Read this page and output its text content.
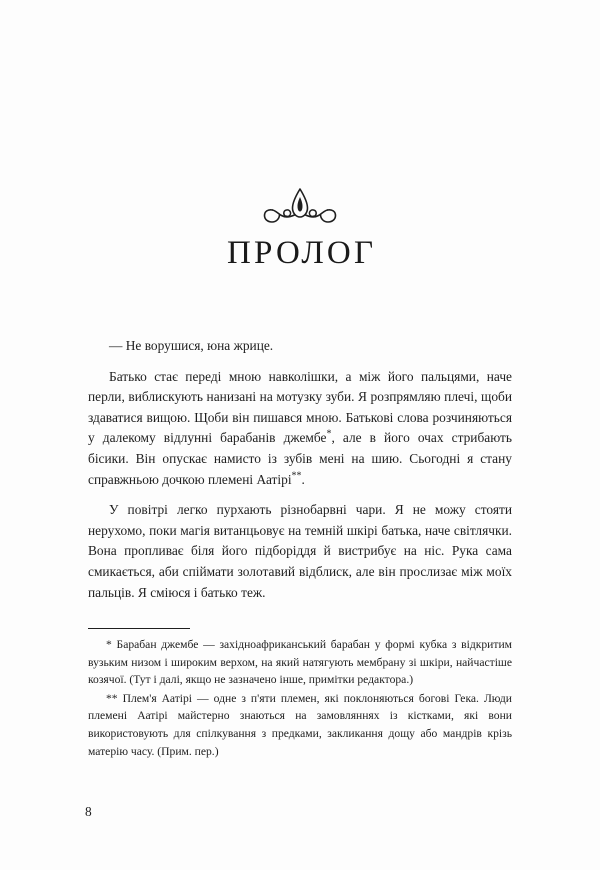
ПРОЛОГ

— Не ворушися, юна жрице.

Батько стає переді мною навколішки, а між його пальцями, наче перли, виблискують нанизані на мотузку зуби. Я розпрямляю плечі, щоби здаватися вищою. Щоби він пишався мною. Батькові слова розчиняються у далекому відлунні барабанів джембе*, але в його очах стрибають бісики. Він опускає намисто із зубів мені на шию. Сьогодні я стану справжньою дочкою племені Аатірі**.

У повітрі легко пурхають різнобарвні чари. Я не можу стояти нерухомо, поки магія витанцьовує на темній шкірі батька, наче світлячки. Вона пропливає біля його підборіддя й вистрибує на ніс. Рука сама смикається, аби спіймати золотавий відблиск, але він прослизає між моїх пальців. Я сміюся і батько теж.

* Барабан джембе — західноафриканський барабан у формі кубка з відкритим вузьким низом і широким верхом, на який натягують мембрану зі шкіри, найчастіше козячої. (Тут і далі, якщо не зазначено інше, примітки редактора.)

** Плем'я Аатірі — одне з п'яти племен, які поклоняються богові Гека. Люди племені Аатірі майстерно знаються на замовляннях із кістками, які вони використовують для спілкування з предками, закликання дощу або мандрів крізь матерію часу. (Прим. пер.)

8
